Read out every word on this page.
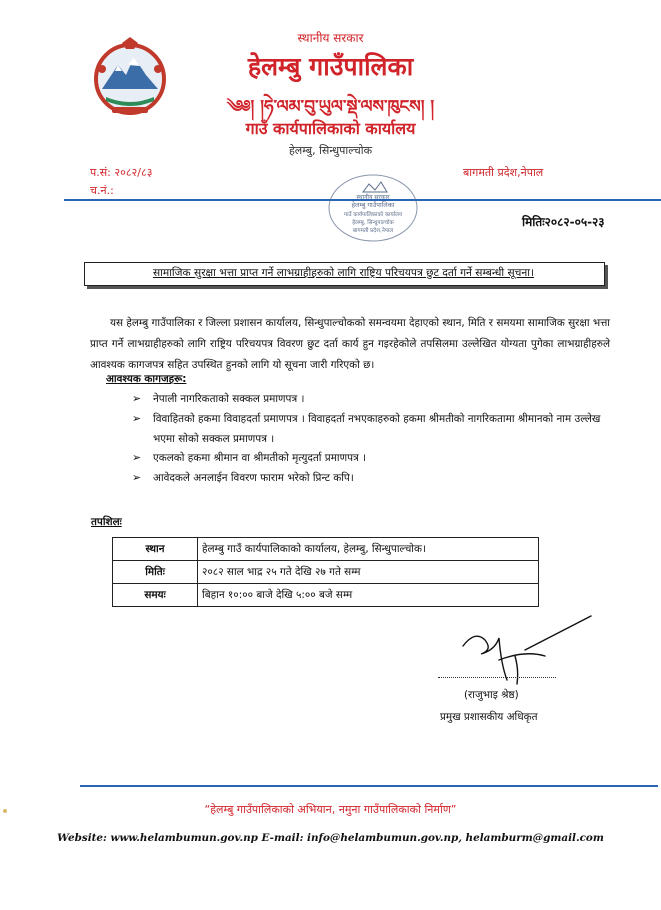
स्थानीय सरकार
हेलम्बु गाउँपालिका
༄༅། །ཧེ་ལམ་བུ་ཡུལ་སྡེ་ལས་ཁུངས། །
गाउँ कार्यपालिकाको कार्यालय
हेलम्बु, सिन्धुपाल्चोक
प.सं: २०८२/८३
च.नं.:
बागमती प्रदेश,नेपाल
स्थानीय सरकार
हेलम्बु गाउँपालिका
गाउँ कार्यपालिकाको कार्यालय
हेलम्बु, सिन्धुपाल्चोक
बागमती प्रदेश,नेपाल
मितिः२०८२-०५-२३
सामाजिक सुरक्षा भत्ता प्राप्त गर्ने लाभग्राहीहरुको लागि राष्ट्रिय परिचयपत्र छुट दर्ता गर्ने सम्बन्धी सूचना।
यस हेलम्बु गाउँपालिका र जिल्ला प्रशासन कार्यालय, सिन्धुपाल्चोकको समन्वयमा देहाएको स्थान, मिति र समयमा सामाजिक सुरक्षा भत्ता प्राप्त गर्ने लाभग्राहीहरुको लागि राष्ट्रिय परिचयपत्र विवरण छुट दर्ता कार्य हुन गइरहेकोले तपसिलमा उल्लेखित योग्यता पुगेका लाभग्राहीहरुले आवश्यक कागजपत्र सहित उपस्थित हुनको लागि यो सूचना जारी गरिएको छ।
आवश्यक कागजहरू:
➢ नेपाली नागरिकताको सक्कल प्रमाणपत्र ।
➢ विवाहितको हकमा विवाहदर्ता प्रमाणपत्र । विवाहदर्ता नभएकाहरुको हकमा श्रीमतीको नागरिकतामा श्रीमानको नाम उल्लेख भएमा सोको सक्कल प्रमाणपत्र ।
➢ एकलको हकमा श्रीमान वा श्रीमतीको मृत्युदर्ता प्रमाणपत्र ।
➢ आवेदकले अनलाईन विवरण फाराम भरेको प्रिन्ट कपि।
तपशिलः
स्थान	हेलम्बु गाउँ कार्यपालिकाको कार्यालय, हेलम्बु, सिन्धुपाल्चोक।
मितिः	२०८२ साल भाद्र २५ गते देखि २७ गते सम्म
समयः	बिहान १०:०० बाजे देखि ५:०० बजे सम्म
(राजुभाइ श्रेष्ठ)
प्रमुख प्रशासकीय अधिकृत
“हेलम्बु गाउँपालिकाको अभियान, नमुना गाउँपालिकाको निर्माण”
Website: www.helambumun.gov.np E-mail: info@helambumun.gov.np, helamburm@gmail.com
